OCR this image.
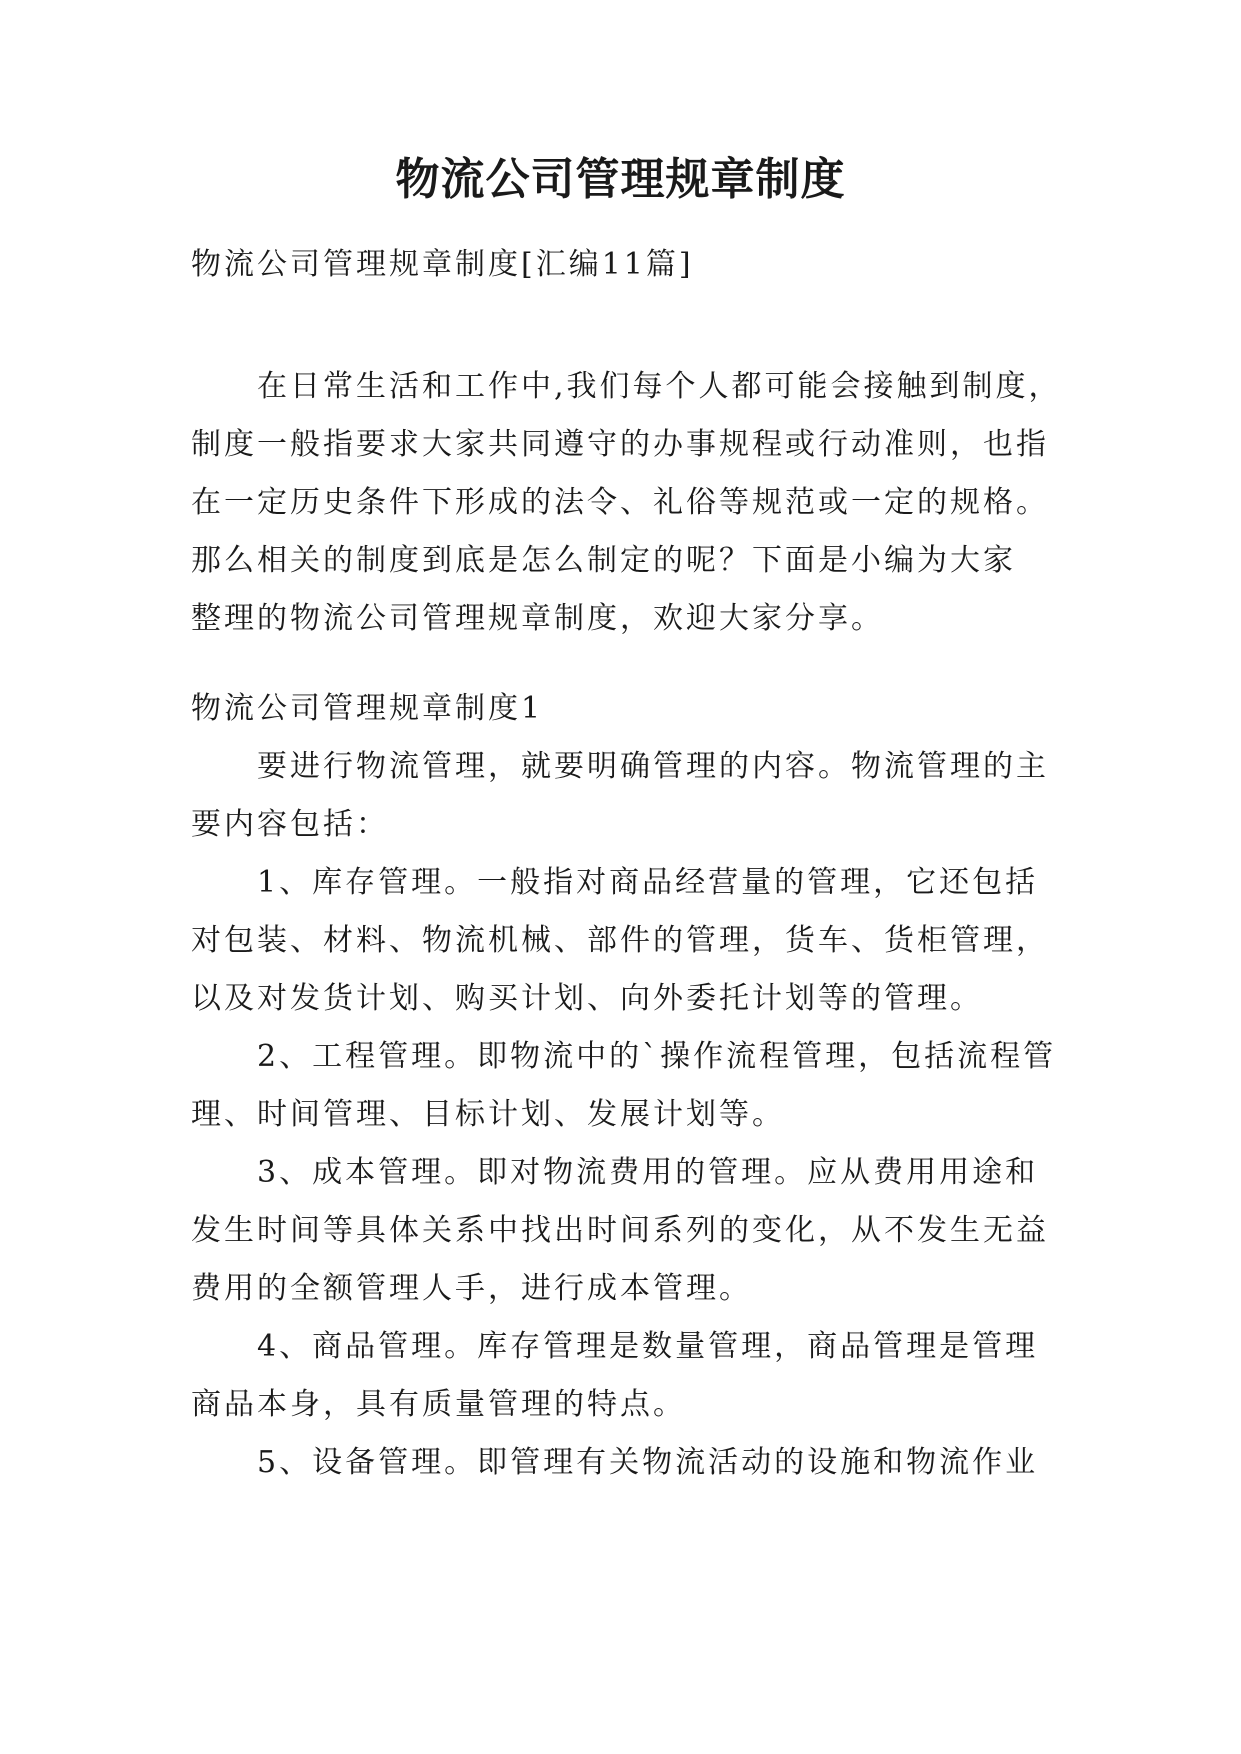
物流公司管理规章制度

物流公司管理规章制度[汇编11篇]

在日常生活和工作中,我们每个人都可能会接触到制度，
制度一般指要求大家共同遵守的办事规程或行动准则，也指
在一定历史条件下形成的法令、礼俗等规范或一定的规格。
那么相关的制度到底是怎么制定的呢？下面是小编为大家
整理的物流公司管理规章制度，欢迎大家分享。

物流公司管理规章制度1

要进行物流管理，就要明确管理的内容。物流管理的主
要内容包括：
1、库存管理。一般指对商品经营量的管理，它还包括
对包装、材料、物流机械、部件的管理，货车、货柜管理，
以及对发货计划、购买计划、向外委托计划等的管理。
2、工程管理。即物流中的`操作流程管理，包括流程管
理、时间管理、目标计划、发展计划等。
3、成本管理。即对物流费用的管理。应从费用用途和
发生时间等具体关系中找出时间系列的变化，从不发生无益
费用的全额管理人手，进行成本管理。
4、商品管理。库存管理是数量管理，商品管理是管理
商品本身，具有质量管理的特点。
5、设备管理。即管理有关物流活动的设施和物流作业
